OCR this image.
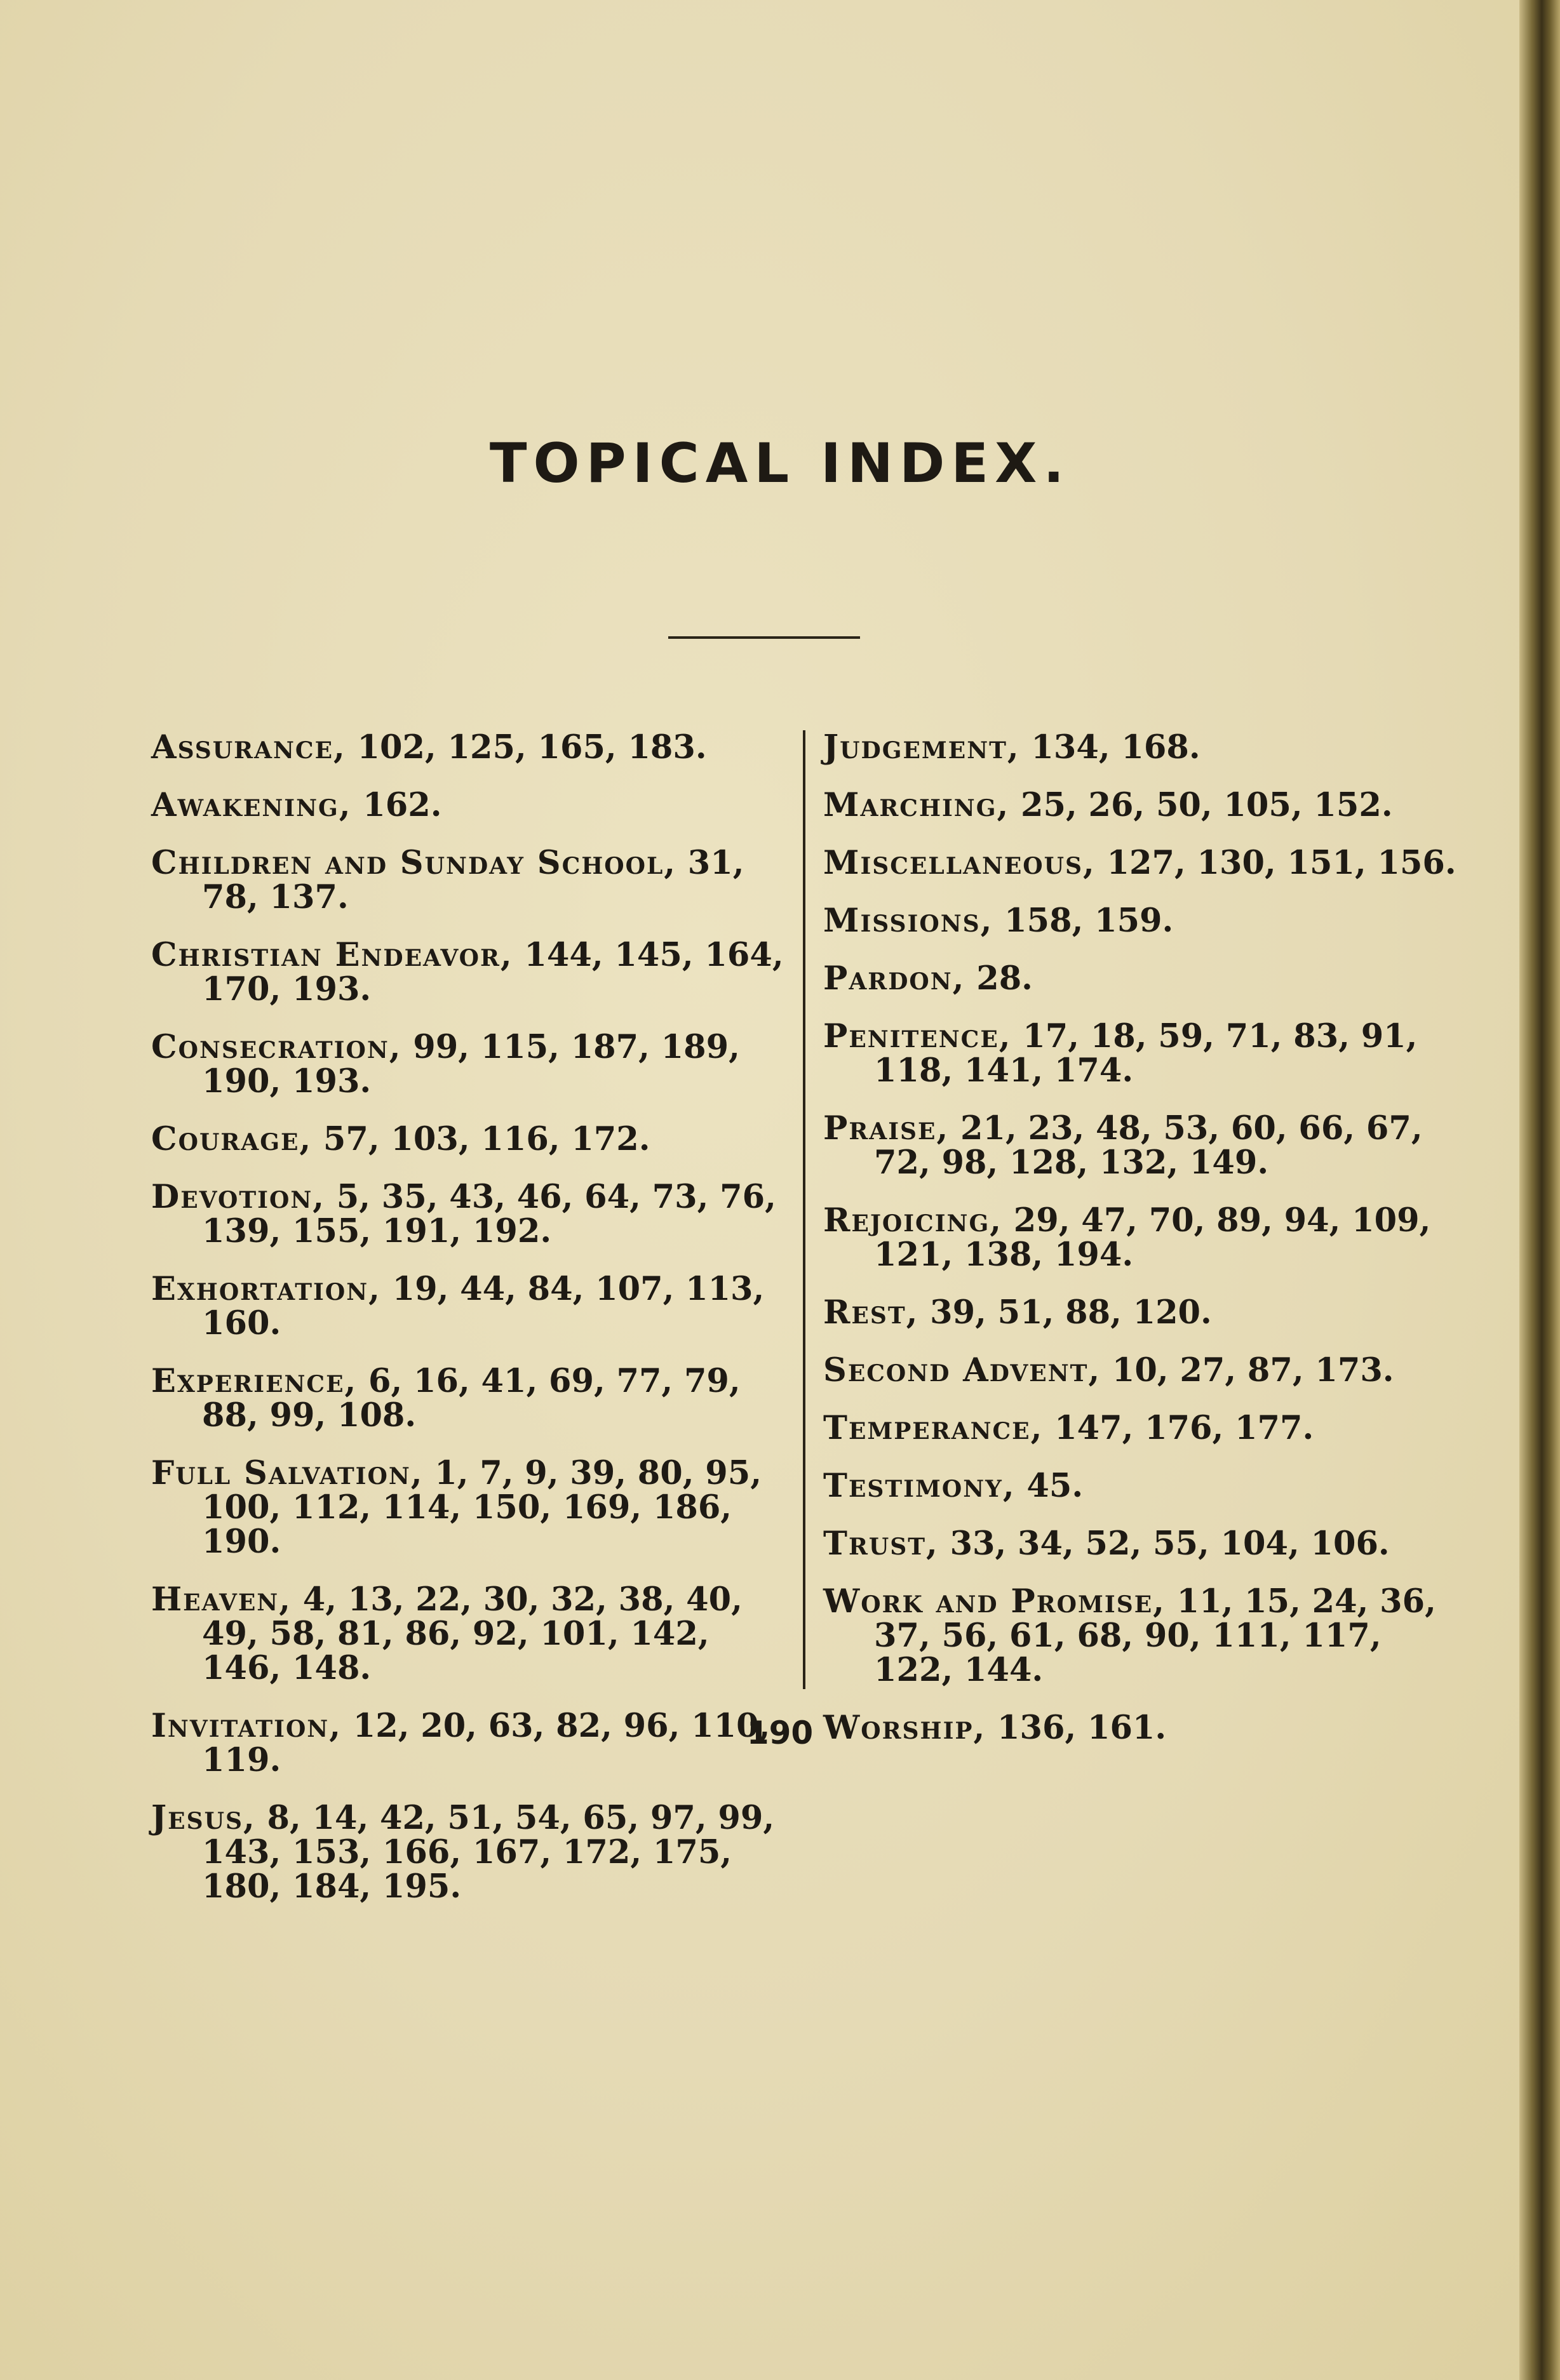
TOPICAL INDEX.
Assurance, 102, 125, 165, 183.
Awakening, 162.
Children and Sunday School, 31, 78, 137.
Christian Endeavor, 144, 145, 164, 170, 193.
Consecration, 99, 115, 187, 189, 190, 193.
Courage, 57, 103, 116, 172.
Devotion, 5, 35, 43, 46, 64, 73, 76, 139, 155, 191, 192.
Exhortation, 19, 44, 84, 107, 113, 160.
Experience, 6, 16, 41, 69, 77, 79, 88, 99, 108.
Full Salvation, 1, 7, 9, 39, 80, 95, 100, 112, 114, 150, 169, 186, 190.
Heaven, 4, 13, 22, 30, 32, 38, 40, 49, 58, 81, 86, 92, 101, 142, 146, 148.
Invitation, 12, 20, 63, 82, 96, 110, 119.
Jesus, 8, 14, 42, 51, 54, 65, 97, 99, 143, 153, 166, 167, 172, 175, 180, 184, 195.
Judgement, 134, 168.
Marching, 25, 26, 50, 105, 152.
Miscellaneous, 127, 130, 151, 156.
Missions, 158, 159.
Pardon, 28.
Penitence, 17, 18, 59, 71, 83, 91, 118, 141, 174.
Praise, 21, 23, 48, 53, 60, 66, 67, 72, 98, 128, 132, 149.
Rejoicing, 29, 47, 70, 89, 94, 109, 121, 138, 194.
Rest, 39, 51, 88, 120.
Second Advent, 10, 27, 87, 173.
Temperance, 147, 176, 177.
Testimony, 45.
Trust, 33, 34, 52, 55, 104, 106.
Work and Promise, 11, 15, 24, 36, 37, 56, 61, 68, 90, 111, 117, 122, 144.
Worship, 136, 161.
190
